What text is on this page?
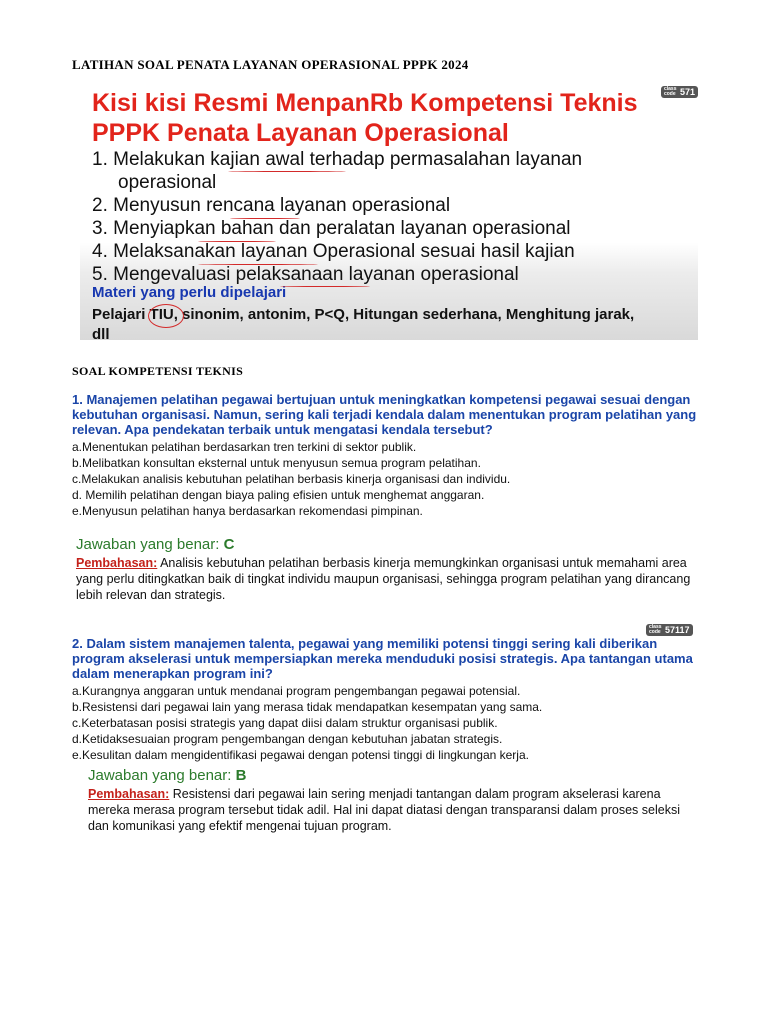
LATIHAN SOAL PENATA LAYANAN OPERASIONAL PPPK 2024
Kisi kisi Resmi MenpanRb Kompetensi Teknis
PPPK Penata Layanan Operasional
1. Melakukan kajian awal terhadap permasalahan layanan
operasional
2. Menyusun rencana layanan operasional
3. Menyiapkan bahan dan peralatan layanan operasional
4. Melaksanakan layanan Operasional sesuai hasil kajian
5. Mengevaluasi pelaksanaan layanan operasional
Materi yang perlu dipelajari
Pelajari TIU, sinonim, antonim, P<Q, Hitungan sederhana, Menghitung jarak,
dll
class code 571
SOAL KOMPETENSI TEKNIS
1. Manajemen pelatihan pegawai bertujuan untuk meningkatkan kompetensi pegawai sesuai dengan kebutuhan organisasi. Namun, sering kali terjadi kendala dalam menentukan program pelatihan yang relevan. Apa pendekatan terbaik untuk mengatasi kendala tersebut?
a.Menentukan pelatihan berdasarkan tren terkini di sektor publik.
b.Melibatkan konsultan eksternal untuk menyusun semua program pelatihan.
c.Melakukan analisis kebutuhan pelatihan berbasis kinerja organisasi dan individu.
d. Memilih pelatihan dengan biaya paling efisien untuk menghemat anggaran.
e.Menyusun pelatihan hanya berdasarkan rekomendasi pimpinan.
Jawaban yang benar: C
Pembahasan: Analisis kebutuhan pelatihan berbasis kinerja memungkinkan organisasi untuk memahami area yang perlu ditingkatkan baik di tingkat individu maupun organisasi, sehingga program pelatihan yang dirancang lebih relevan dan strategis.
class code 57117
2. Dalam sistem manajemen talenta, pegawai yang memiliki potensi tinggi sering kali diberikan program akselerasi untuk mempersiapkan mereka menduduki posisi strategis. Apa tantangan utama dalam menerapkan program ini?
a.Kurangnya anggaran untuk mendanai program pengembangan pegawai potensial.
b.Resistensi dari pegawai lain yang merasa tidak mendapatkan kesempatan yang sama.
c.Keterbatasan posisi strategis yang dapat diisi dalam struktur organisasi publik.
d.Ketidaksesuaian program pengembangan dengan kebutuhan jabatan strategis.
e.Kesulitan dalam mengidentifikasi pegawai dengan potensi tinggi di lingkungan kerja.
Jawaban yang benar: B
Pembahasan: Resistensi dari pegawai lain sering menjadi tantangan dalam program akselerasi karena mereka merasa program tersebut tidak adil. Hal ini dapat diatasi dengan transparansi dalam proses seleksi dan komunikasi yang efektif mengenai tujuan program.
